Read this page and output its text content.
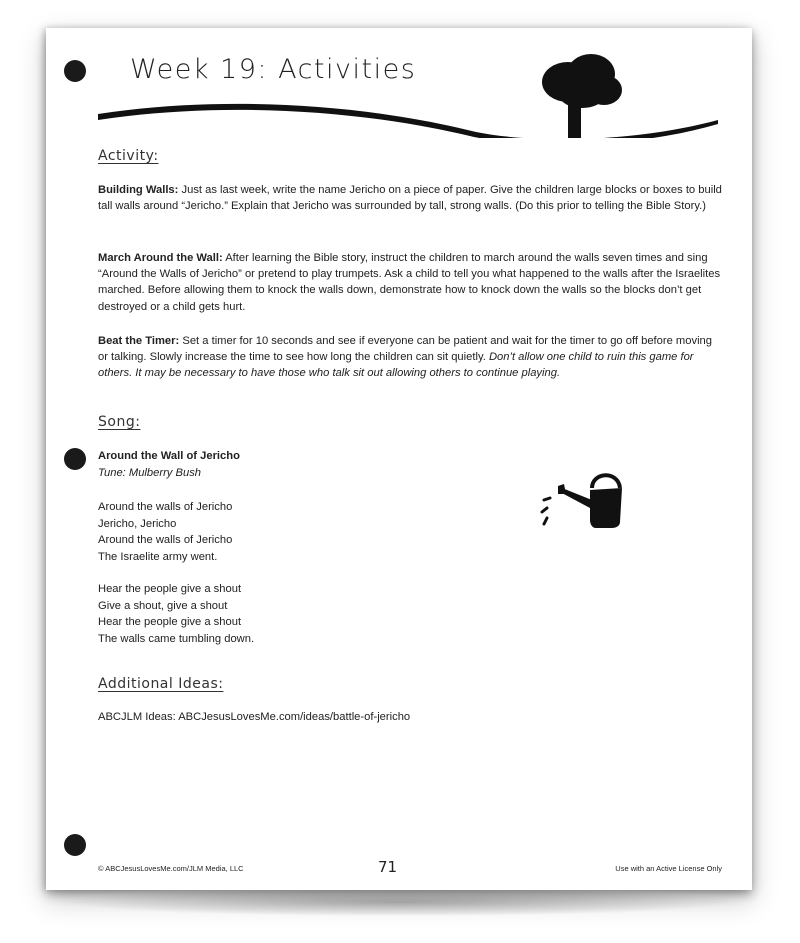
Week 19: Activities
Activity:

Building Walls: Just as last week, write the name Jericho on a piece of paper. Give the children large blocks or boxes to build tall walls around “Jericho.” Explain that Jericho was surrounded by tall, strong walls. (Do this prior to telling the Bible Story.)

March Around the Wall: After learning the Bible story, instruct the children to march around the walls seven times and sing “Around the Walls of Jericho” or pretend to play trumpets. Ask a child to tell you what happened to the walls after the Israelites marched. Before allowing them to knock the walls down, demonstrate how to knock down the walls so the blocks don’t get destroyed or a child gets hurt.

Beat the Timer: Set a timer for 10 seconds and see if everyone can be patient and wait for the timer to go off before moving or talking. Slowly increase the time to see how long the children can sit quietly. Don’t allow one child to ruin this game for others. It may be necessary to have those who talk sit out allowing others to continue playing.

Song:
Around the Wall of Jericho
Tune: Mulberry Bush
Around the walls of Jericho
Jericho, Jericho
Around the walls of Jericho
The Israelite army went.
Hear the people give a shout
Give a shout, give a shout
Hear the people give a shout
The walls came tumbling down.
Additional Ideas:
ABCJLM Ideas: ABCJesusLovesMe.com/ideas/battle-of-jericho
© ABCJesusLovesMe.com/JLM Media, LLC	71	Use with an Active License Only
